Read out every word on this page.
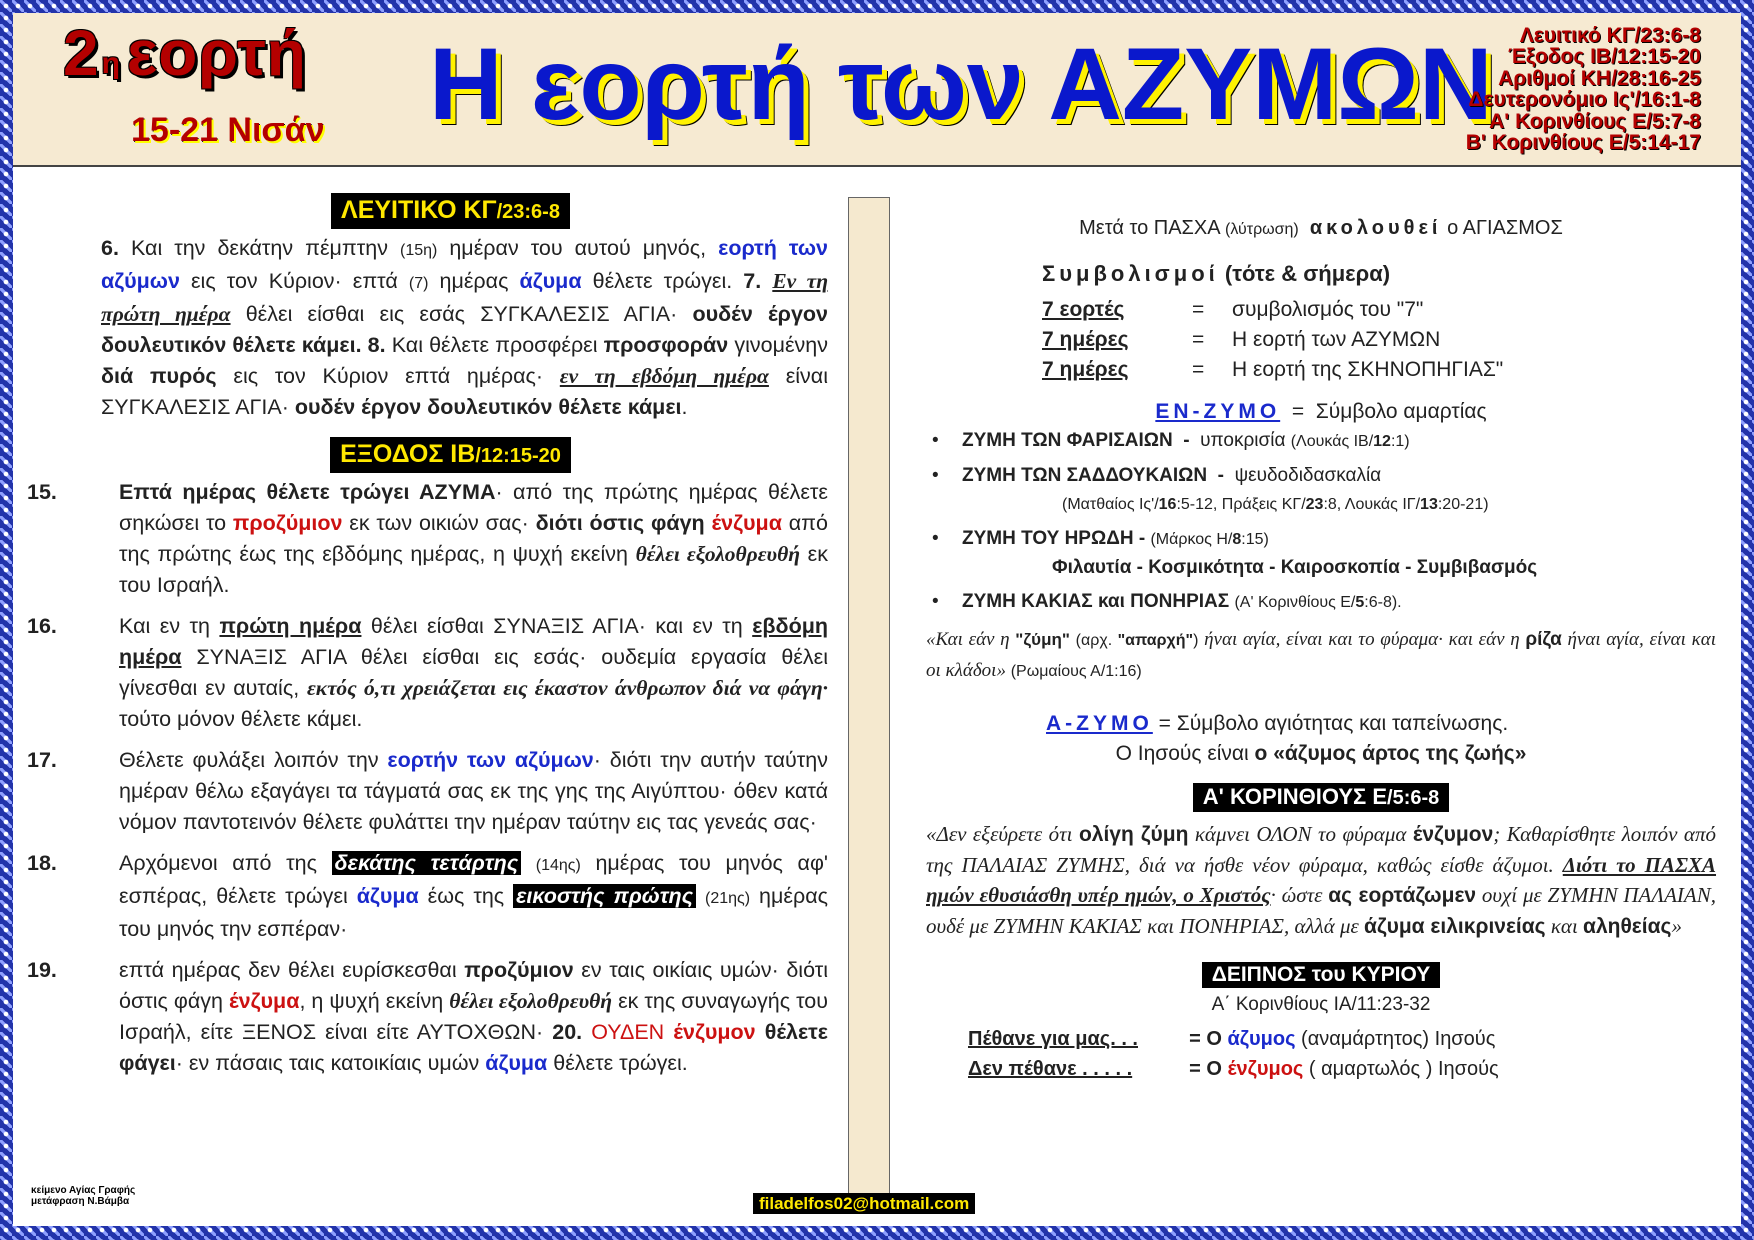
2ηεορτή
15-21 Νισάν Η εορτή των ΑΖΥΜΩΝ	Λευιτικό ΚΓ/23:6-8
Έξοδος ΙΒ/12:15-20
Αριθμοί ΚΗ/28:16-25
Δευτερονόμιο Ις'/16:1-8
Α' Κορινθίους Ε/5:7-8
Β' Κορινθίους Ε/5:14-17
ΛΕΥΙΤΙΚΟ ΚΓ/23:6-8

6. Και την δεκάτην πέμπτην (15η) ημέραν του αυτού μηνός, εορτή των αζύμων εις τον Κύριον· επτά (7) ημέρας άζυμα θέλετε τρώγει. 7. Εν τη πρώτη ημέρα θέλει είσθαι εις εσάς ΣΥΓΚΑΛΕΣΙΣ ΑΓΙΑ· ουδέν έργον δουλευτικόν θέλετε κάμει. 8. Και θέλετε προσφέρει προσφοράν γινομένην διά πυρός εις τον Κύριον επτά ημέρας· εν τη εβδόμη ημέρα είναι ΣΥΓΚΑΛΕΣΙΣ ΑΓΙΑ· ουδέν έργον δουλευτικόν θέλετε κάμει.

ΕΞΟΔΟΣ ΙΒ/12:15-20

15.	Επτά ημέρας θέλετε τρώγει ΑΖΥΜΑ· από της πρώτης ημέρας θέλετε σηκώσει το προζύμιον εκ των οικιών σας· διότι όστις φάγη ένζυμα από της πρώτης έως της εβδόμης ημέρας, η ψυχή εκείνη θέλει εξολοθρευθή εκ του Ισραήλ.

16.	Και εν τη πρώτη ημέρα θέλει είσθαι ΣΥΝΑΞΙΣ ΑΓΙΑ· και εν τη εβδόμη ημέρα ΣΥΝΑΞΙΣ ΑΓΙΑ θέλει είσθαι εις εσάς· ουδεμία εργασία θέλει γίνεσθαι εν αυταίς, εκτός ό,τι χρειάζεται εις έκαστον άνθρωπον διά να φάγη· τούτο μόνον θέλετε κάμει.

17.	Θέλετε φυλάξει λοιπόν την εορτήν των αζύμων· διότι την αυτήν ταύτην ημέραν θέλω εξαγάγει τα τάγματά σας εκ της γης της Αιγύπτου· όθεν κατά νόμον παντοτεινόν θέλετε φυλάττει την ημέραν ταύτην εις τας γενεάς σας·

18.	Αρχόμενοι από της δεκάτης τετάρτης (14ης) ημέρας του μηνός αφ' εσπέρας, θέλετε τρώγει άζυμα έως της εικοστής πρώτης (21ης) ημέρας του μηνός την εσπέραν·

19.	επτά ημέρας δεν θέλει ευρίσκεσθαι προζύμιον εν ταις οικίαις υμών· διότι όστις φάγη ένζυμα, η ψυχή εκείνη θέλει εξολοθρευθή εκ της συναγωγής του Ισραήλ, είτε ΞΕΝΟΣ είναι είτε ΑΥΤΟΧΘΩΝ· 20. ΟΥΔΕΝ ένζυμον θέλετε φάγει· εν πάσαις ταις κατοικίαις υμών άζυμα θέλετε τρώγει.

Μετά το ΠΑΣΧΑ (λύτρωση) ακολουθεί ο ΑΓΙΑΣΜΟΣ
Συμβολισμοί (τότε & σήμερα)
7 εορτές	=	συμβολισμός του "7"
7 ημέρες	=	Η εορτή των ΑΖΥΜΩΝ
7 ημέρες	=	Η εορτή της ΣΚΗΝΟΠΗΓΙΑΣ"
ΕΝ-ΖΥΜΟ  =  Σύμβολο αμαρτίας
• ΖΥΜΗ ΤΩΝ ΦΑΡΙΣΑΙΩΝ  -  υποκρισία (Λουκάς ΙΒ/12:1)
• ΖΥΜΗ ΤΩΝ ΣΑΔΔΟΥΚΑΙΩΝ  -  ψευδοδιδασκαλία
(Ματθαίος Ις'/16:5-12, Πράξεις ΚΓ/23:8, Λουκάς ΙΓ/13:20-21)
• ΖΥΜΗ ΤΟΥ ΗΡΩΔΗ - (Μάρκος Η/8:15)
Φιλαυτία - Κοσμικότητα - Καιροσκοπία - Συμβιβασμός
• ΖΥΜΗ ΚΑΚΙΑΣ και ΠΟΝΗΡΙΑΣ (Α' Κορινθίους Ε/5:6-8).
«Και εάν η "ζύμη" (αρχ. "απαρχή") ήναι αγία, είναι και το φύραμα· και εάν η ρίζα ήναι αγία, είναι και οι κλάδοι» (Ρωμαίους Α/1:16)
Α-ΖΥΜΟ = Σύμβολο αγιότητας και ταπείνωσης.
Ο Ιησούς είναι ο «άζυμος άρτος της ζωής»
Α' ΚΟΡΙΝΘΙΟΥΣ Ε/5:6-8
«Δεν εξεύρετε ότι ολίγη ζύμη κάμνει ΟΛΟΝ το φύραμα ένζυμον; Καθαρίσθητε λοιπόν από της ΠΑΛΑΙΑΣ ΖΥΜΗΣ, διά να ήσθε νέον φύραμα, καθώς είσθε άζυμοι. Διότι το ΠΑΣΧΑ ημών εθυσιάσθη υπέρ ημών, ο Χριστός· ώστε ας εορτάζωμεν ουχί με ΖΥΜΗΝ ΠΑΛΑΙΑΝ, ουδέ με ΖΥΜΗΝ ΚΑΚΙΑΣ και ΠΟΝΗΡΙΑΣ, αλλά με άζυμα ειλικρινείας και αληθείας»
ΔΕΙΠΝΟΣ του ΚΥΡΙΟΥ
Α΄ Κορινθίους ΙΑ/11:23-32
Πέθανε για μας. . .	= Ο άζυμος (αναμάρτητος) Ιησούς
Δεν πέθανε . . . . .	= Ο ένζυμος ( αμαρτωλός ) Ιησούς
κείμενο Αγίας Γραφής
μετάφραση Ν.Βάμβα	filadelfos02@hotmail.com
